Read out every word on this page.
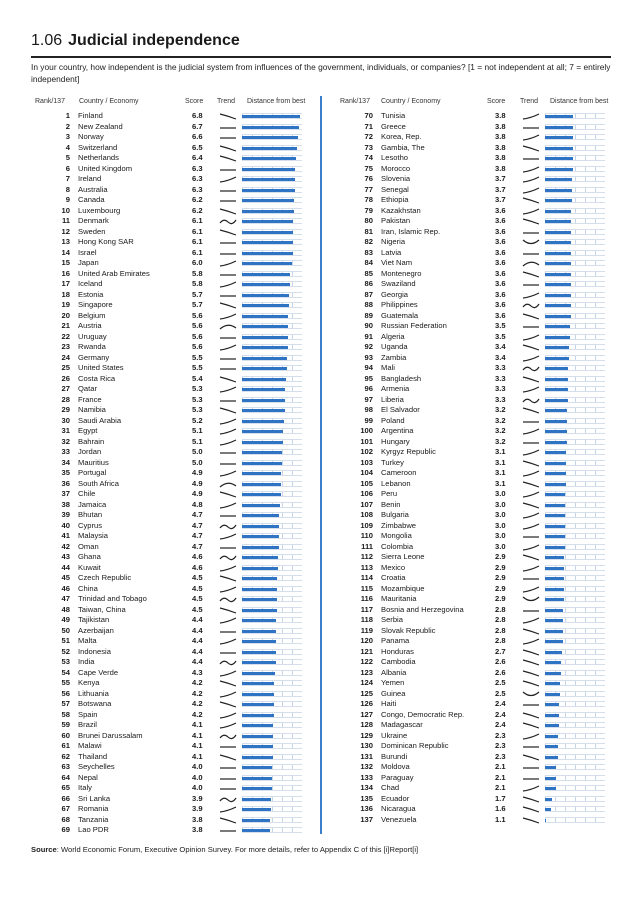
1.06 Judicial independence
In your country, how independent is the judicial system from influences of the government, individuals, or companies? [1 = not independent at all; 7 = entirely independent]
Rank/137 Country / Economy	Score Trend Distance from best	Rank/137 Country / Economy	Score Trend Distance from best
1 Finland	6.8
2 New Zealand	6.7
3 Norway	6.6
4 Switzerland	6.5
5 Netherlands	6.4
6 United Kingdom	6.3
7 Ireland	6.3
8 Australia	6.3
9 Canada	6.2
10 Luxembourg	6.2
11 Denmark	6.1
12 Sweden	6.1
13 Hong Kong SAR	6.1
14 Israel	6.1
15 Japan	6.0
16 United Arab Emirates	5.8
17 Iceland	5.8
18 Estonia	5.7
19 Singapore	5.7
20 Belgium	5.6
21 Austria	5.6
22 Uruguay	5.6
23 Rwanda	5.6
24 Germany	5.5
25 United States	5.5
26 Costa Rica	5.4
27 Qatar	5.3
28 France	5.3
29 Namibia	5.3
30 Saudi Arabia	5.2
31 Egypt	5.1
32 Bahrain	5.1
33 Jordan	5.0
34 Mauritius	5.0
35 Portugal	4.9
36 South Africa	4.9
37 Chile	4.9
38 Jamaica	4.8
39 Bhutan	4.7
40 Cyprus	4.7
41 Malaysia	4.7
42 Oman	4.7
43 Ghana	4.6
44 Kuwait	4.6
45 Czech Republic	4.5
46 China	4.5
47 Trinidad and Tobago	4.5
48 Taiwan, China	4.5
49 Tajikistan	4.4
50 Azerbaijan	4.4
51 Malta	4.4
52 Indonesia	4.4
53 India	4.4
54 Cape Verde	4.3
55 Kenya	4.2
56 Lithuania	4.2
57 Botswana	4.2
58 Spain	4.2
59 Brazil	4.1
60 Brunei Darussalam	4.1
61 Malawi	4.1
62 Thailand	4.1
63 Seychelles	4.0
64 Nepal	4.0
65 Italy	4.0
66 Sri Lanka	3.9
67 Romania	3.9
68 Tanzania	3.8
69 Lao PDR	3.8
70 Tunisia	3.8
71 Greece	3.8
72 Korea, Rep.	3.8
73 Gambia, The	3.8
74 Lesotho	3.8
75 Morocco	3.8
76 Slovenia	3.7
77 Senegal	3.7
78 Ethiopia	3.7
79 Kazakhstan	3.6
80 Pakistan	3.6
81 Iran, Islamic Rep.	3.6
82 Nigeria	3.6
83 Latvia	3.6
84 Viet Nam	3.6
85 Montenegro	3.6
86 Swaziland	3.6
87 Georgia	3.6
88 Philippines	3.6
89 Guatemala	3.6
90 Russian Federation	3.5
91 Algeria	3.5
92 Uganda	3.4
93 Zambia	3.4
94 Mali	3.3
95 Bangladesh	3.3
96 Armenia	3.3
97 Liberia	3.3
98 El Salvador	3.2
99 Poland	3.2
100 Argentina	3.2
101 Hungary	3.2
102 Kyrgyz Republic	3.1
103 Turkey	3.1
104 Cameroon	3.1
105 Lebanon	3.1
106 Peru	3.0
107 Benin	3.0
108 Bulgaria	3.0
109 Zimbabwe	3.0
110 Mongolia	3.0
111 Colombia	3.0
112 Sierra Leone	2.9
113 Mexico	2.9
114 Croatia	2.9
115 Mozambique	2.9
116 Mauritania	2.9
117 Bosnia and Herzegovina	2.8
118 Serbia	2.8
119 Slovak Republic	2.8
120 Panama	2.8
121 Honduras	2.7
122 Cambodia	2.6
123 Albania	2.6
124 Yemen	2.5
125 Guinea	2.5
126 Haiti	2.4
127 Congo, Democratic Rep.	2.4
128 Madagascar	2.4
129 Ukraine	2.3
130 Dominican Republic	2.3
131 Burundi	2.3
132 Moldova	2.1
133 Paraguay	2.1
134 Chad	2.1
135 Ecuador	1.7
136 Nicaragua	1.6
137 Venezuela	1.1
Source: World Economic Forum, Executive Opinion Survey. For more details, refer to Appendix C of this [i]Report[i]
